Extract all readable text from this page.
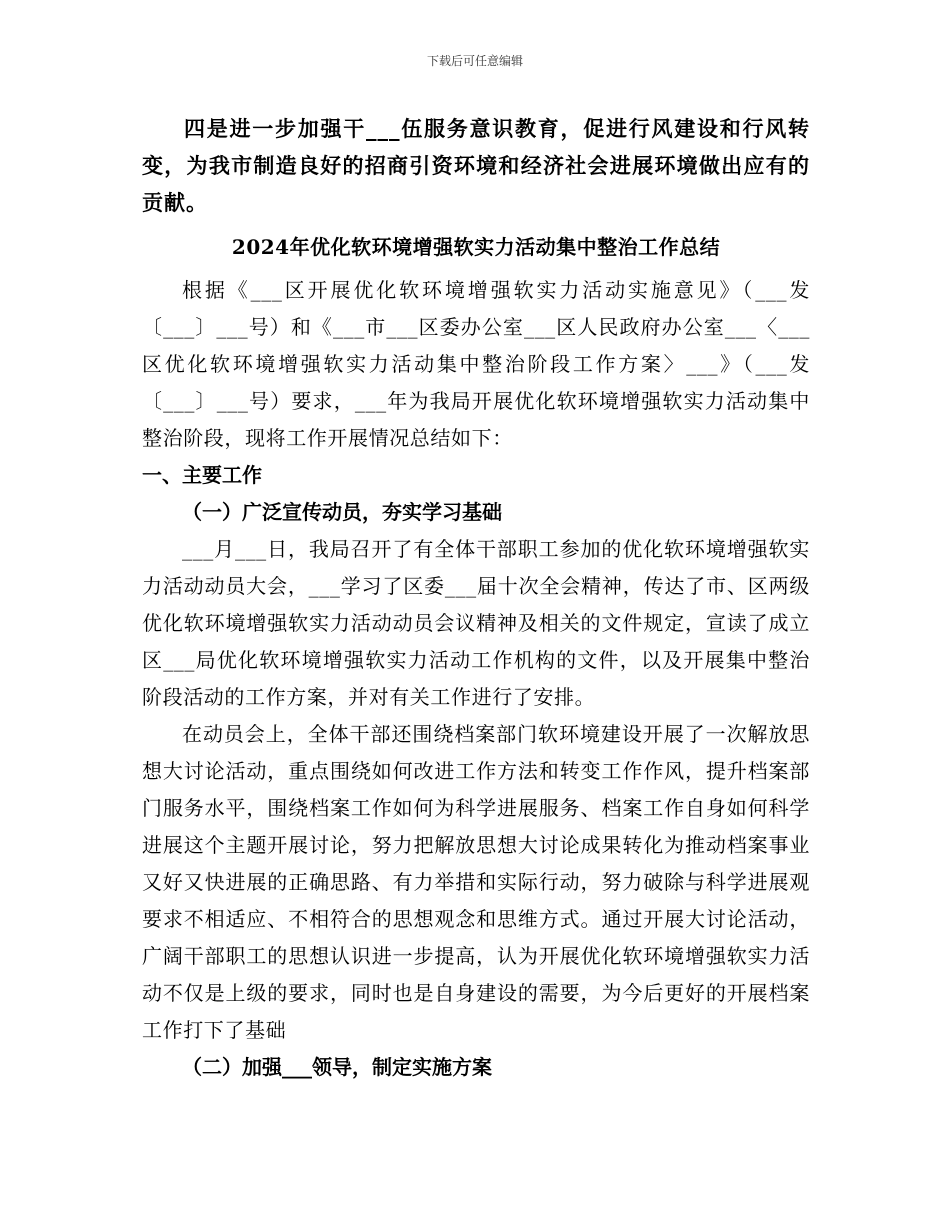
下载后可任意编辑

四是进一步加强干___伍服务意识教育，促进行风建设和行风转变，为我市制造良好的招商引资环境和经济社会进展环境做出应有的贡献。

2024年优化软环境增强软实力活动集中整治工作总结

根据《___区开展优化软环境增强软实力活动实施意见》（___发〔___〕___号）和《___市___区委办公室___区人民政府办公室___〈___区优化软环境增强软实力活动集中整治阶段工作方案〉___》（___发〔___〕___号）要求，___年为我局开展优化软环境增强软实力活动集中整治阶段，现将工作开展情况总结如下：

一、主要工作
（一）广泛宣传动员，夯实学习基础

___月___日，我局召开了有全体干部职工参加的优化软环境增强软实力活动动员大会，___学习了区委___届十次全会精神，传达了市、区两级优化软环境增强软实力活动动员会议精神及相关的文件规定，宣读了成立区___局优化软环境增强软实力活动工作机构的文件，以及开展集中整治阶段活动的工作方案，并对有关工作进行了安排。

在动员会上，全体干部还围绕档案部门软环境建设开展了一次解放思想大讨论活动，重点围绕如何改进工作方法和转变工作作风，提升档案部门服务水平，围绕档案工作如何为科学进展服务、档案工作自身如何科学进展这个主题开展讨论，努力把解放思想大讨论成果转化为推动档案事业又好又快进展的正确思路、有力举措和实际行动，努力破除与科学进展观要求不相适应、不相符合的思想观念和思维方式。通过开展大讨论活动，广阔干部职工的思想认识进一步提高，认为开展优化软环境增强软实力活动不仅是上级的要求，同时也是自身建设的需要，为今后更好的开展档案工作打下了基础

（二）加强___领导，制定实施方案
